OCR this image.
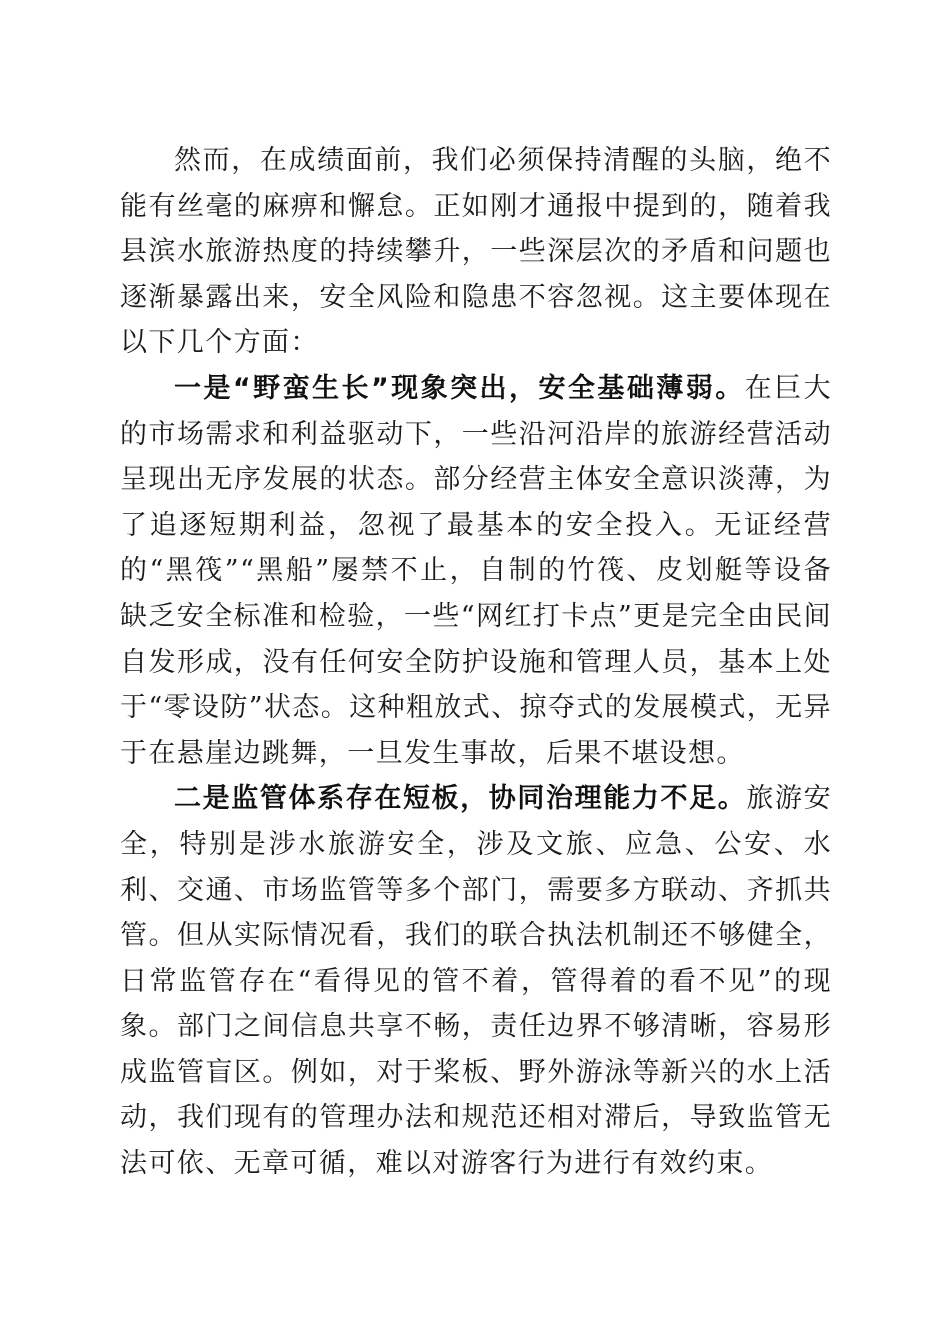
然而，在成绩面前，我们必须保持清醒的头脑，绝不能有丝毫的麻痹和懈怠。正如刚才通报中提到的，随着我县滨水旅游热度的持续攀升，一些深层次的矛盾和问题也逐渐暴露出来，安全风险和隐患不容忽视。这主要体现在以下几个方面：

一是“野蛮生长”现象突出，安全基础薄弱。在巨大的市场需求和利益驱动下，一些沿河沿岸的旅游经营活动呈现出无序发展的状态。部分经营主体安全意识淡薄，为了追逐短期利益，忽视了最基本的安全投入。无证经营的“黑筏”“黑船”屡禁不止，自制的竹筏、皮划艇等设备缺乏安全标准和检验，一些“网红打卡点”更是完全由民间自发形成，没有任何安全防护设施和管理人员，基本上处于“零设防”状态。这种粗放式、掠夺式的发展模式，无异于在悬崖边跳舞，一旦发生事故，后果不堪设想。

二是监管体系存在短板，协同治理能力不足。旅游安全，特别是涉水旅游安全，涉及文旅、应急、公安、水利、交通、市场监管等多个部门，需要多方联动、齐抓共管。但从实际情况看，我们的联合执法机制还不够健全，日常监管存在“看得见的管不着，管得着的看不见”的现象。部门之间信息共享不畅，责任边界不够清晰，容易形成监管盲区。例如，对于桨板、野外游泳等新兴的水上活动，我们现有的管理办法和规范还相对滞后，导致监管无法可依、无章可循，难以对游客行为进行有效约束。
